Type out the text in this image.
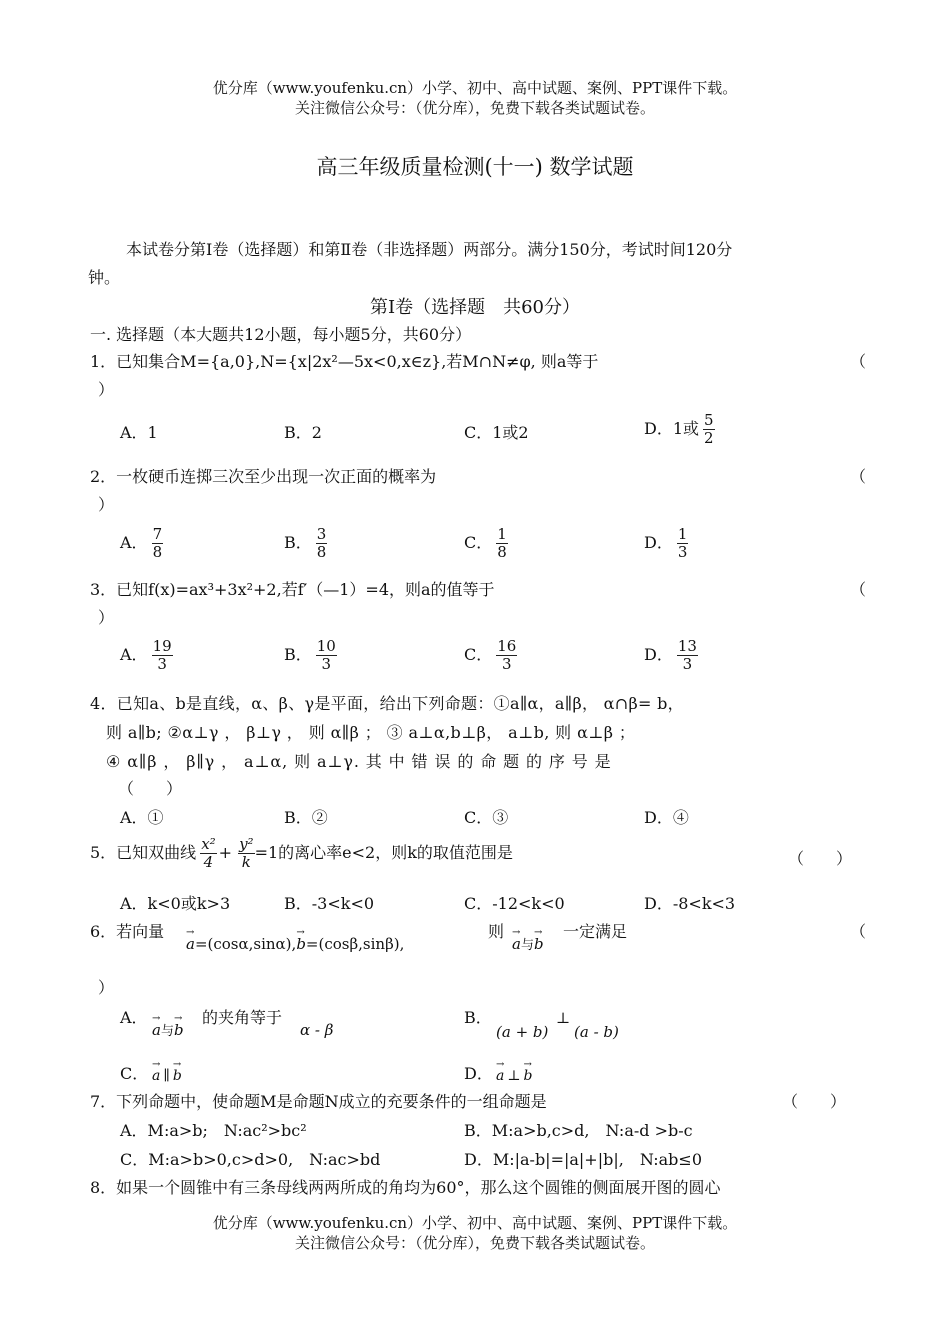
优分库（www.youfenku.cn）小学、初中、高中试题、案例、PPT课件下载。
关注微信公众号：（优分库），免费下载各类试题试卷。
高三年级质量检测(十一) 数学试题
本试卷分第Ⅰ卷（选择题）和第Ⅱ卷（非选择题）两部分。满分150分，考试时间120分
钟。
第Ⅰ卷（选择题　共60分）
一. 选择题（本大题共12小题，每小题5分，共60分）
1．已知集合M={a,0},N={x|2x²—5x<0,x∈z},若M∩N≠φ, 则a等于	（
）
A．1	B．2	C．1或2	D．1或 $\frac{5}{2}$
2．一枚硬币连掷三次至少出现一次正面的概率为	（
）
A． $\frac{7}{8}$	B． $\frac{3}{8}$	C． $\frac{1}{8}$	D． $\frac{1}{3}$
3．已知f(x)=ax³+3x²+2,若f′（—1）=4，则a的值等于	（
）
A． $\frac{19}{3}$	B． $\frac{10}{3}$	C． $\frac{16}{3}$	D． $\frac{13}{3}$
4．已知a、b是直线，α、β、γ是平面，给出下列命题：①a∥α，a∥β， α∩β= b，
则 a∥b; ②α⊥γ ， β⊥γ ， 则 α∥β ； ③ a⊥α,b⊥β， a⊥b, 则 α⊥β ；
④ α∥β ， β∥γ ， a⊥α, 则 a⊥γ. 其 中 错 误 的 命 题 的 序 号 是
（　　）
A．①	B．②	C．③	D．④
5．已知双曲线 $\frac{\text{x²}}{4} + \frac{\text{y²}}{k} =1$的离心率e<2，则k的取值范围是	（　　）
A．k<0或k>3	B．-3<k<0	C．-12<k<0	D．-8<k<3
6．若向量
→ a=(cosα,sinα),→ b=(cosβ,sinβ),
则
→ a与→ b
一定满足	（
）
A．
→ a与→ b
的夹角等于
α - β
B．
(a + b)
⊥
(a - b)
C． → a ∥ → b	D． → a ⊥ → b
7．下列命题中，使命题M是命题N成立的充要条件的一组命题是	（　　）
A．M:a>b;　N:ac²>bc²	B．M:a>b,c>d,　N:a-d >b-c
C．M:a>b>0,c>d>0,　N:ac>bd	D．M:|a-b|=|a|+|b|,　N:ab≤0
8．如果一个圆锥中有三条母线两两所成的角均为60°，那么这个圆锥的侧面展开图的圆心
优分库（www.youfenku.cn）小学、初中、高中试题、案例、PPT课件下载。
关注微信公众号：（优分库），免费下载各类试题试卷。
